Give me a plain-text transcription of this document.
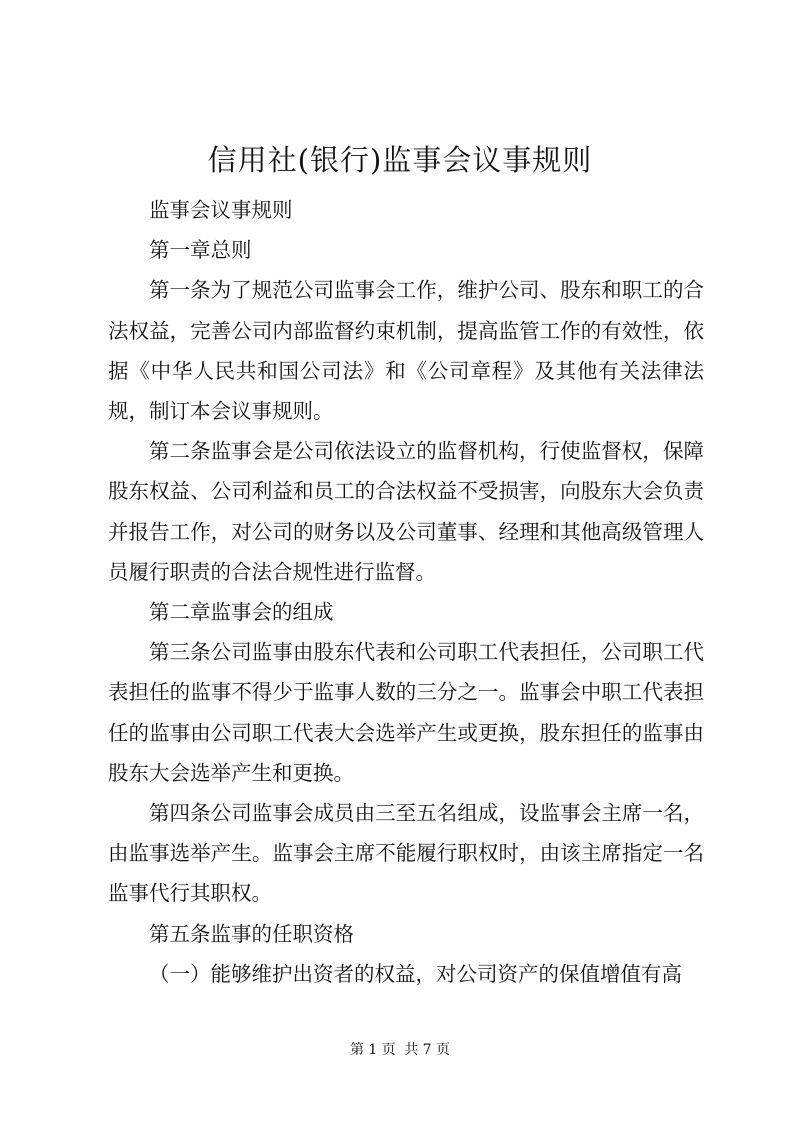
信用社(银行)监事会议事规则

监事会议事规则

第一章总则

第一条为了规范公司监事会工作，维护公司、股东和职工的合法权益，完善公司内部监督约束机制，提高监管工作的有效性，依据《中华人民共和国公司法》和《公司章程》及其他有关法律法规，制订本会议事规则。

第二条监事会是公司依法设立的监督机构，行使监督权，保障股东权益、公司利益和员工的合法权益不受损害，向股东大会负责并报告工作，对公司的财务以及公司董事、经理和其他高级管理人员履行职责的合法合规性进行监督。

第二章监事会的组成

第三条公司监事由股东代表和公司职工代表担任，公司职工代表担任的监事不得少于监事人数的三分之一。监事会中职工代表担任的监事由公司职工代表大会选举产生或更换，股东担任的监事由股东大会选举产生和更换。

第四条公司监事会成员由三至五名组成，设监事会主席一名，由监事选举产生。监事会主席不能履行职权时，由该主席指定一名监事代行其职权。

第五条监事的任职资格

（一）能够维护出资者的权益，对公司资产的保值增值有高

第 1 页 共 7 页
